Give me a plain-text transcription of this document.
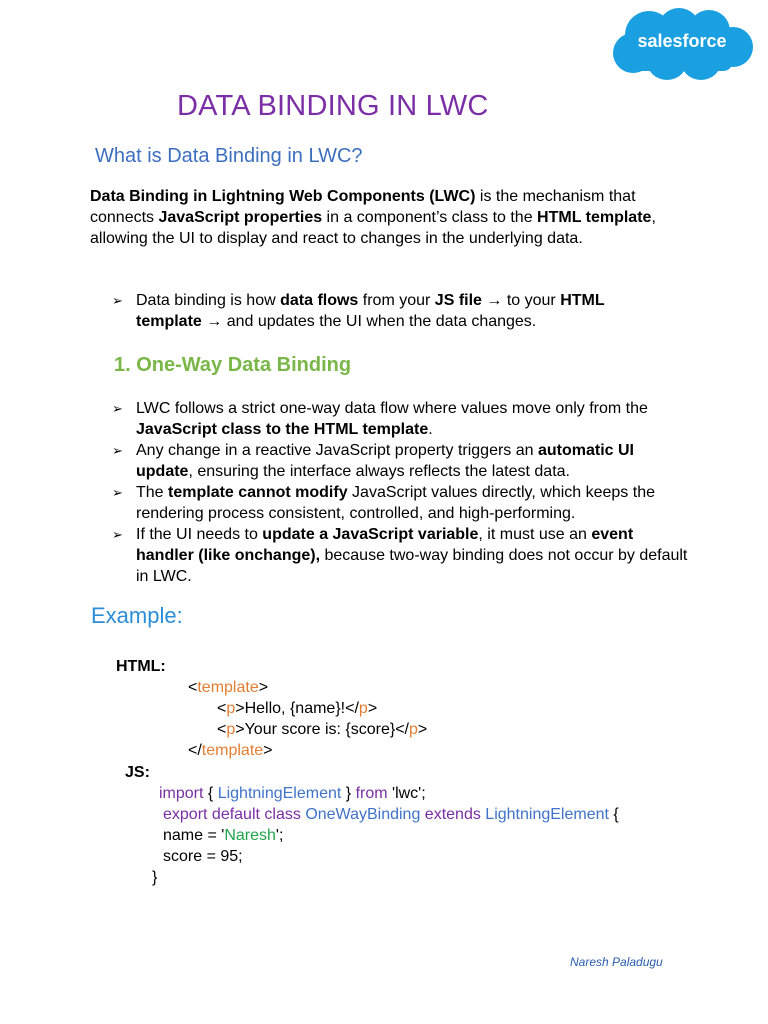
salesforce
DATA BINDING IN LWC
What is Data Binding in LWC?
Data Binding in Lightning Web Components (LWC) is the mechanism that connects JavaScript properties in a component’s class to the HTML template, allowing the UI to display and react to changes in the underlying data.
➢ Data binding is how data flows from your JS file → to your HTML template → and updates the UI when the data changes.
1. One-Way Data Binding
➢ LWC follows a strict one-way data flow where values move only from the JavaScript class to the HTML template.
➢ Any change in a reactive JavaScript property triggers an automatic UI update, ensuring the interface always reflects the latest data.
➢ The template cannot modify JavaScript values directly, which keeps the rendering process consistent, controlled, and high-performing.
➢ If the UI needs to update a JavaScript variable, it must use an event handler (like onchange), because two-way binding does not occur by default in LWC.
Example:
HTML:
<template>
<p>Hello, {name}!</p>
<p>Your score is: {score}</p>
</template>
JS:
import { LightningElement } from 'lwc';
export default class OneWayBinding extends LightningElement {
name = 'Naresh';
score = 95;
}
Naresh Paladugu
